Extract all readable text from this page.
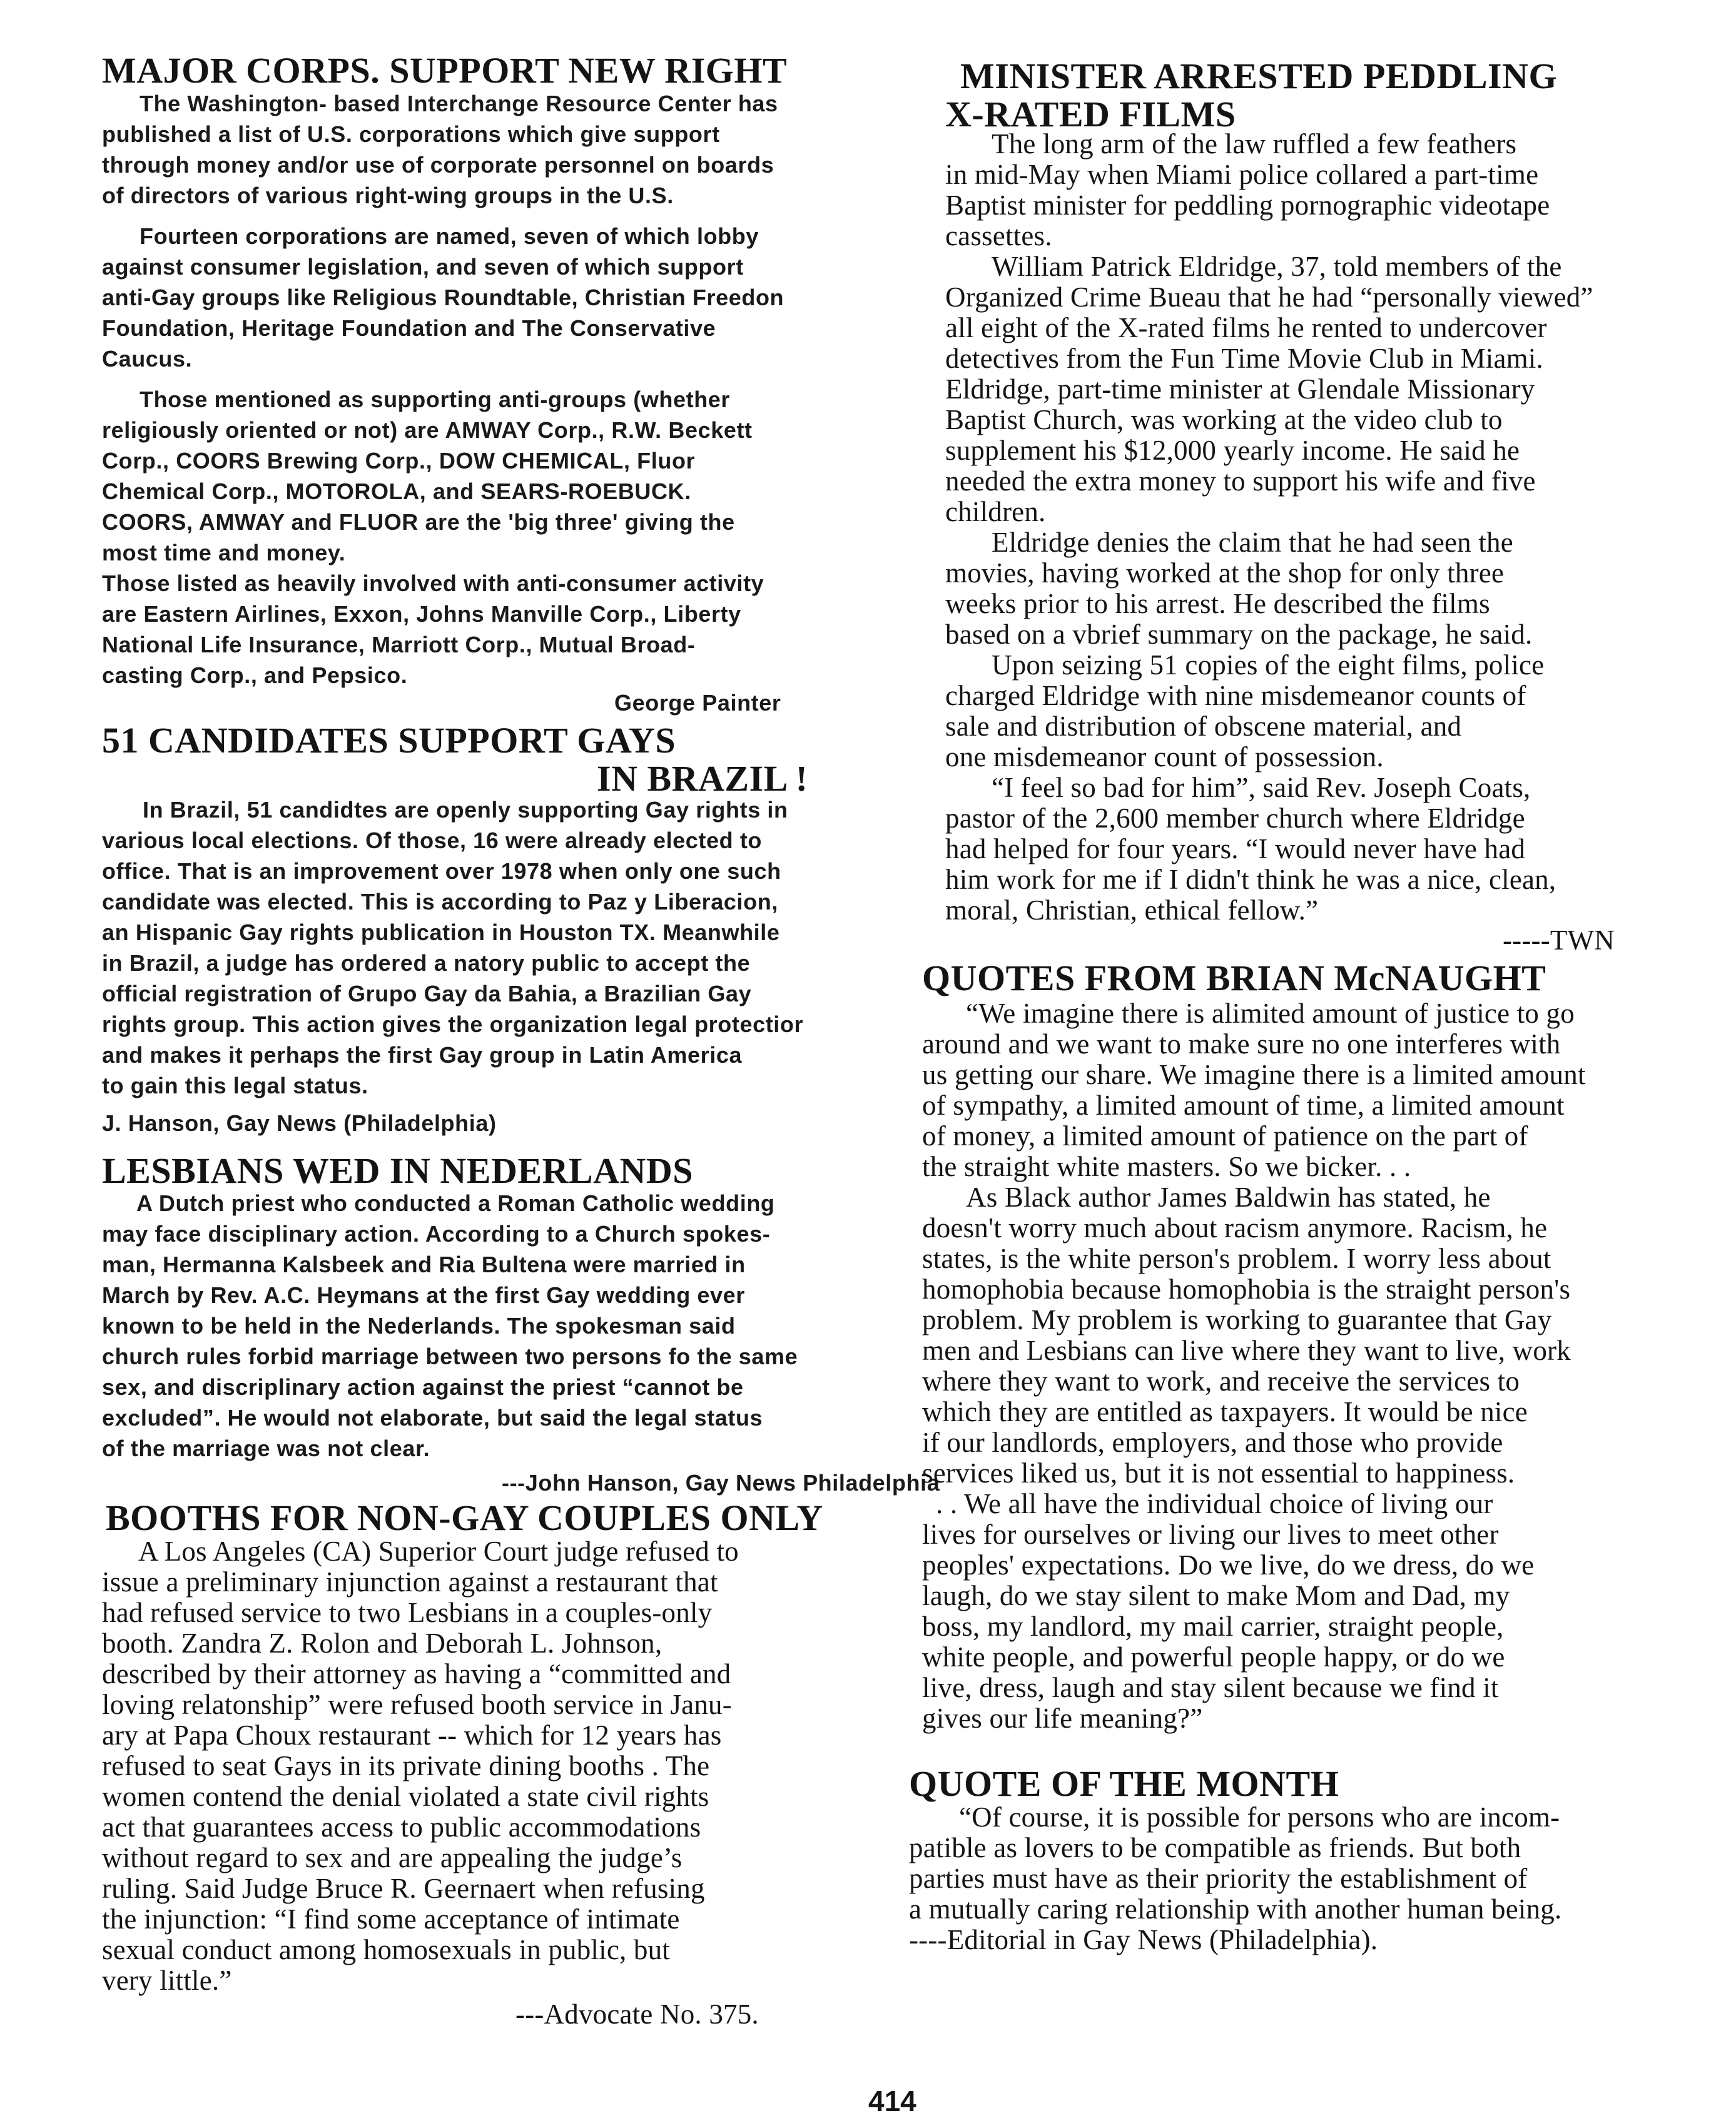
MAJOR CORPS. SUPPORT NEW RIGHT
The Washington- based Interchange Resource Center has
published a list of U.S. corporations which give support
through money and/or use of corporate personnel on boards
of directors of various right-wing groups in the U.S.
Fourteen corporations are named, seven of which lobby
against consumer legislation, and seven of which support
anti-Gay groups like Religious Roundtable, Christian Freedon
Foundation, Heritage Foundation and The Conservative
Caucus.
Those mentioned as supporting anti-groups (whether
religiously oriented or not) are AMWAY Corp., R.W. Beckett
Corp., COORS Brewing Corp., DOW CHEMICAL, Fluor
Chemical Corp., MOTOROLA, and SEARS-ROEBUCK.
COORS, AMWAY and FLUOR are the 'big three' giving the
most time and money.
Those listed as heavily involved with anti-consumer activity
are Eastern Airlines, Exxon, Johns Manville Corp., Liberty
National Life Insurance, Marriott Corp., Mutual Broad-
casting Corp., and Pepsico.
George Painter
51 CANDIDATES SUPPORT GAYS
IN BRAZIL !
In Brazil, 51 candidtes are openly supporting Gay rights in
various local elections. Of those, 16 were already elected to
office. That is an improvement over 1978 when only one such
candidate was elected. This is according to Paz y Liberacion,
an Hispanic Gay rights publication in Houston TX. Meanwhile
in Brazil, a judge has ordered a natory public to accept the
official registration of Grupo Gay da Bahia, a Brazilian Gay
rights group. This action gives the organization legal protectior
and makes it perhaps the first Gay group in Latin America
to gain this legal status.
J. Hanson, Gay News (Philadelphia)
LESBIANS WED IN NEDERLANDS
A Dutch priest who conducted a Roman Catholic wedding
may face disciplinary action. According to a Church spokes-
man, Hermanna Kalsbeek and Ria Bultena were married in
March by Rev. A.C. Heymans at the first Gay wedding ever
known to be held in the Nederlands. The spokesman said
church rules forbid marriage between two persons fo the same
sex, and discriplinary action against the priest “cannot be
excluded”. He would not elaborate, but said the legal status
of the marriage was not clear.
---John Hanson, Gay News Philadelphia
BOOTHS FOR NON-GAY COUPLES ONLY
A Los Angeles (CA) Superior Court judge refused to
issue a preliminary injunction against a restaurant that
had refused service to two Lesbians in a couples-only
booth. Zandra Z. Rolon and Deborah L. Johnson,
described by their attorney as having a “committed and
loving relatonship” were refused booth service in Janu-
ary at Papa Choux restaurant -- which for 12 years has
refused to seat Gays in its private dining booths . The
women contend the denial violated a state civil rights
act that guarantees access to public accommodations
without regard to sex and are appealing the judge’s
ruling. Said Judge Bruce R. Geernaert when refusing
the injunction: “I find some acceptance of intimate
sexual conduct among homosexuals in public, but
very little.”
---Advocate No. 375.
MINISTER ARRESTED PEDDLING
X-RATED FILMS
The long arm of the law ruffled a few feathers
in mid-May when Miami police collared a part-time
Baptist minister for peddling pornographic videotape
cassettes.
William Patrick Eldridge, 37, told members of the
Organized Crime Bueau that he had “personally viewed”
all eight of the X-rated films he rented to undercover
detectives from the Fun Time Movie Club in Miami.
Eldridge, part-time minister at Glendale Missionary
Baptist Church, was working at the video club to
supplement his $12,000 yearly income. He said he
needed the extra money to support his wife and five
children.
Eldridge denies the claim that he had seen the
movies, having worked at the shop for only three
weeks prior to his arrest. He described the films
based on a vbrief summary on the package, he said.
Upon seizing 51 copies of the eight films, police
charged Eldridge with nine misdemeanor counts of
sale and distribution of obscene material, and
one misdemeanor count of possession.
“I feel so bad for him”, said Rev. Joseph Coats,
pastor of the 2,600 member church where Eldridge
had helped for four years. “I would never have had
him work for me if I didn't think he was a nice, clean,
moral, Christian, ethical fellow.”
-----TWN
QUOTES FROM BRIAN McNAUGHT
“We imagine there is alimited amount of justice to go
around and we want to make sure no one interferes with
us getting our share. We imagine there is a limited amount
of sympathy, a limited amount of time, a limited amount
of money, a limited amount of patience on the part of
the straight white masters. So we bicker. . .
As Black author James Baldwin has stated, he
doesn't worry much about racism anymore. Racism, he
states, is the white person's problem. I worry less about
homophobia because homophobia is the straight person's
problem. My problem is working to guarantee that Gay
men and Lesbians can live where they want to live, work
where they want to work, and receive the services to
which they are entitled as taxpayers. It would be nice
if our landlords, employers, and those who provide
services liked us, but it is not essential to happiness.
. . We all have the individual choice of living our
lives for ourselves or living our lives to meet other
peoples' expectations. Do we live, do we dress, do we
laugh, do we stay silent to make Mom and Dad, my
boss, my landlord, my mail carrier, straight people,
white people, and powerful people happy, or do we
live, dress, laugh and stay silent because we find it
gives our life meaning?”
QUOTE OF THE MONTH
“Of course, it is possible for persons who are incom-
patible as lovers to be compatible as friends. But both
parties must have as their priority the establishment of
a mutually caring relationship with another human being.
----Editorial in Gay News (Philadelphia).
414
